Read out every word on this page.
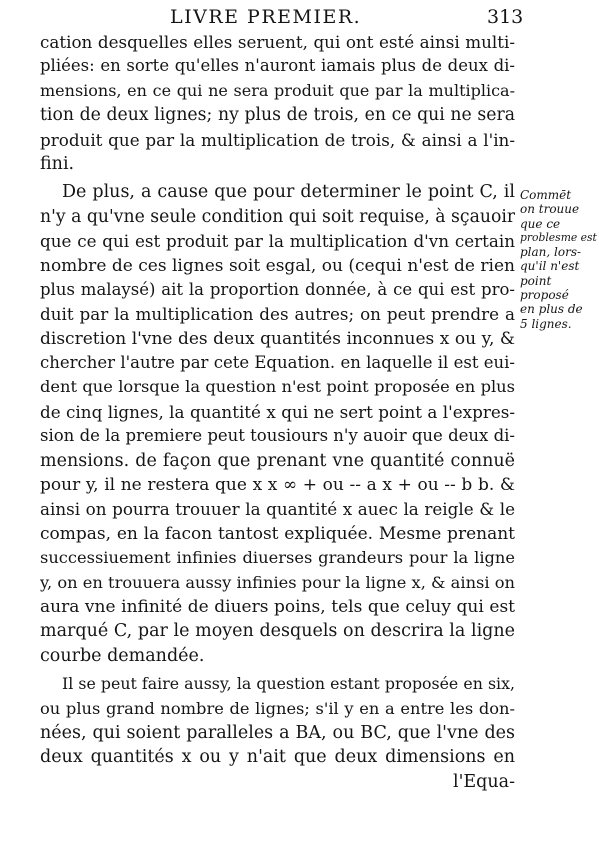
LIVRE PREMIER.	313
cation desquelles elles seruent, qui ont esté ainsi multi-
pliées: en sorte qu'elles n'auront iamais plus de deux di-
mensions, en ce qui ne sera produit que par la multiplica-
tion de deux lignes; ny plus de trois, en ce qui ne sera
produit que par la multiplication de trois, & ainsi a l'in-
fini.
De plus, a cause que pour determiner le point C, il
n'y a qu'vne seule condition qui soit requise, à sçauoir
que ce qui est produit par la multiplication d'vn certain
nombre de ces lignes soit esgal, ou (cequi n'est de rien
plus malaysé) ait la proportion donnée, à ce qui est pro-
duit par la multiplication des autres; on peut prendre a
discretion l'vne des deux quantités inconnues x ou y, &
chercher l'autre par cete Equation. en laquelle il est eui-
dent que lorsque la question n'est point proposée en plus
de cinq lignes, la quantité x qui ne sert point a l'expres-
sion de la premiere peut tousiours n'y auoir que deux di-
mensions. de façon que prenant vne quantité connuë
pour y, il ne restera que x x ∞ + ou -- a x + ou -- b b. &
ainsi on pourra trouuer la quantité x auec la reigle & le
compas, en la facon tantost expliquée. Mesme prenant
successiuement infinies diuerses grandeurs pour la ligne
y, on en trouuera aussy infinies pour la ligne x, & ainsi on
aura vne infinité de diuers poins, tels que celuy qui est
marqué C, par le moyen desquels on descrira la ligne
courbe demandée.
Il se peut faire aussy, la question estant proposée en six,
ou plus grand nombre de lignes; s'il y en a entre les don-
nées, qui soient paralleles a BA, ou BC, que l'vne des
deux quantités x ou y n'ait que deux dimensions en
l'Equa-
Commēt
on trouue
que ce
problesme est
plan, lors-
qu'il n'est
point
proposé
en plus de
5 lignes.
